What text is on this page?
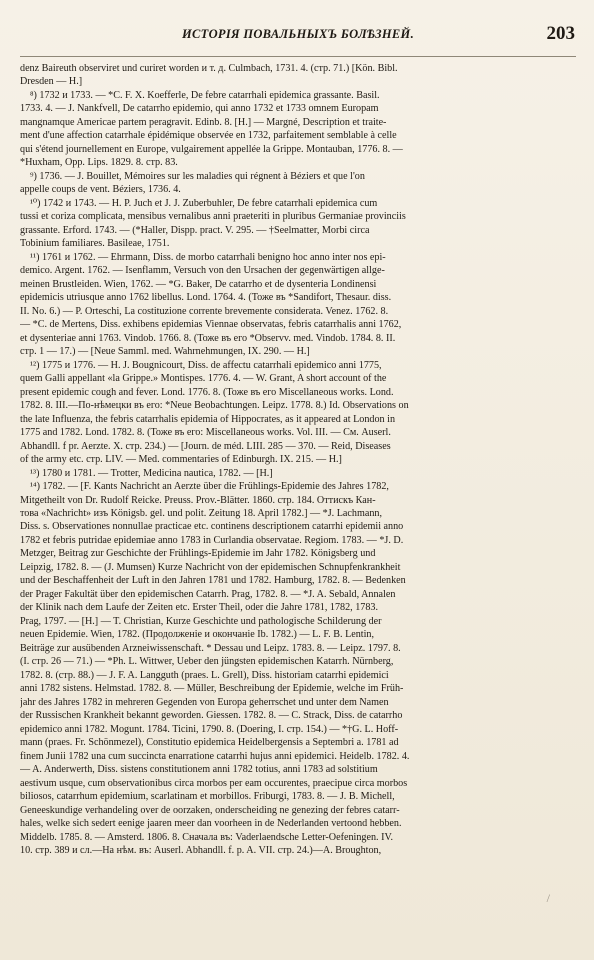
ИСТОРІЯ ПОВАЛЬНЫХЪ БОЛѢЗНЕЙ.	203
denz Baireuth observiret und curiret worden и т. д. Culmbach, 1731. 4. (стр. 71.) [Kön. Bibl.
Dresden — H.]
⁸) 1732 и 1733. — *C. F. X. Koefferle, De febre catarrhali epidemica grassante. Basil.
1733. 4. — J. Nankfvell, De catarrho epidemio, qui anno 1732 et 1733 omnem Europam
mangnamque Americae partem peragravit. Edinb. 8. [H.] — Margné, Description et traite-
ment d'une affection catarrhale épidémique observée en 1732, parfaitement semblable à celle
qui s'étend journellement en Europe, vulgairement appellée la Grippe. Montauban, 1776. 8. —
*Huxham, Opp. Lips. 1829. 8. стр. 83.
⁹) 1736. — J. Bouillet, Mémoires sur les maladies qui régnent à Béziers et que l'on
appelle coups de vent. Béziers, 1736. 4.
¹⁰) 1742 и 1743. — H. P. Juch et J. J. Zuberbuhler, De febre catarrhali epidemica cum
tussi et coriza complicata, mensibus vernalibus anni praeteriti in pluribus Germaniae provinciis
grassante. Erford. 1743. — (*Haller, Dispp. pract. V. 295. — †Seelmatter, Morbi circa
Tobinium familiares. Basileae, 1751.
¹¹) 1761 и 1762. — Ehrmann, Diss. de morbo catarrhali benigno hoc anno inter nos epi-
demico. Argent. 1762. — Isenflamm, Versuch von den Ursachen der gegenwärtigen allge-
meinen Brustleiden. Wien, 1762. — *G. Baker, De catarrho et de dysenteria Londinensi
epidemicis utriusque anno 1762 libellus. Lond. 1764. 4. (Тоже въ *Sandifort, Thesaur. diss.
II. No. 6.) — P. Orteschi, La costituzione corrente brevemente considerata. Venez. 1762. 8.
— *C. de Mertens, Diss. exhibens epidemias Viennae observatas, febris catarrhalis anni 1762,
et dysenteriae anni 1763. Vindob. 1766. 8. (Тоже въ его *Observv. med. Vindob. 1784. 8. II.
стр. 1 — 17.) — [Neue Samml. med. Wahrnehmungen, IX. 290. — H.]
¹²) 1775 и 1776. — H. J. Bougnicourt, Diss. de affectu catarrhali epidemico anni 1775,
quem Galli appellant «la Grippe.» Montispes. 1776. 4. — W. Grant, A short account of the
present epidemic cough and fever. Lond. 1776. 8. (Тоже въ его Miscellaneous works. Lond.
1782. 8. III.—По-нѣмецки въ его: *Neue Beobachtungen. Leipz. 1778. 8.) Id. Observations on
the late Influenza, the febris catarrhalis epidemia of Hippocrates, as it appeared at London in
1775 and 1782. Lond. 1782. 8. (Тоже въ его: Miscellaneous works. Vol. III. — См. Auserl.
Abhandll. f pr. Aerzte. X. стр. 234.) — [Journ. de méd. LIII. 285 — 370. — Reid, Diseases
of the army etc. стр. LIV. — Med. commentaries of Edinburgh. IX. 215. — H.]
¹³) 1780 и 1781. — Trotter, Medicina nautica, 1782. — [H.]
¹⁴) 1782. — [F. Kants Nachricht an Aerzte über die Frühlings-Epidemie des Jahres 1782,
Mitgetheilt von Dr. Rudolf Reicke. Preuss. Prov.-Blätter. 1860. стр. 184. Оттискъ Кан-
това «Nachricht» изъ Königsb. gel. und polit. Zeitung 18. April 1782.] — *J. Lachmann,
Diss. s. Observationes nonnullae practicae etc. continens descriptionem catarrhi epidemii anno
1782 et febris putridae epidemiae anno 1783 in Curlandia observatae. Regiom. 1783. — *J. D.
Metzger, Beitrag zur Geschichte der Frühlings-Epidemie im Jahr 1782. Königsberg und
Leipzig, 1782. 8. — (J. Mumsen) Kurze Nachricht von der epidemischen Schnupfenkrankheit
und der Beschaffenheit der Luft in den Jahren 1781 und 1782. Hamburg, 1782. 8. — Bedenken
der Prager Fakultät über den epidemischen Catarrh. Prag, 1782. 8. — *J. A. Sebald, Annalen
der Klinik nach dem Laufe der Zeiten etc. Erster Theil, oder die Jahre 1781, 1782, 1783.
Prag, 1797. — [H.] — T. Christian, Kurze Geschichte und pathologische Schilderung der
neuen Epidemie. Wien, 1782. (Продолженіе и окончаніе Ib. 1782.) — L. F. B. Lentin,
Beiträge zur ausübenden Arzneiwissenschaft. * Dessau und Leipz. 1783. 8. — Leipz. 1797. 8.
(I. стр. 26 — 71.) — *Ph. L. Wittwer, Ueber den jüngsten epidemischen Katarrh. Nürnberg,
1782. 8. (стр. 88.) — J. F. A. Langguth (praes. L. Grell), Diss. historiam catarrhi epidemici
anni 1782 sistens. Helmstad. 1782. 8. — Müller, Beschreibung der Epidemie, welche im Früh-
jahr des Jahres 1782 in mehreren Gegenden von Europa geherrschet und unter dem Namen
der Russischen Krankheit bekannt geworden. Giessen. 1782. 8. — C. Strack, Diss. de catarrho
epidemico anni 1782. Mogunt. 1784. Ticini, 1790. 8. (Doering, I. стр. 154.) — *†G. L. Hoff-
mann (praes. Fr. Schönmezel), Constitutio epidemica Heidelbergensis a Septembri a. 1781 ad
finem Junii 1782 una cum succincta enarratione catarrhi hujus anni epidemici. Heidelb. 1782. 4.
— A. Anderwerth, Diss. sistens constitutionem anni 1782 totius, anni 1783 ad solstitium
aestivum usque, cum observationibus circa morbos per eam occurentes, praecipue circa morbos
biliosos, catarrhum epidemium, scarlatinam et morbillos. Friburgi, 1783. 8. — J. B. Michell,
Geneeskundige verhandeling over de oorzaken, onderscheiding ne genezing der febres catarr-
hales, welke sich sedert eenige jaaren meer dan voorheen in de Nederlanden vertoond hebben.
Middelb. 1785. 8. — Amsterd. 1806. 8. Сначала въ: Vaderlaendsche Letter-Oefeningen. IV.
10. стр. 389 и сл.—На нѣм. въ: Auserl. Abhandll. f. p. A. VII. стр. 24.)—A. Broughton,
/
